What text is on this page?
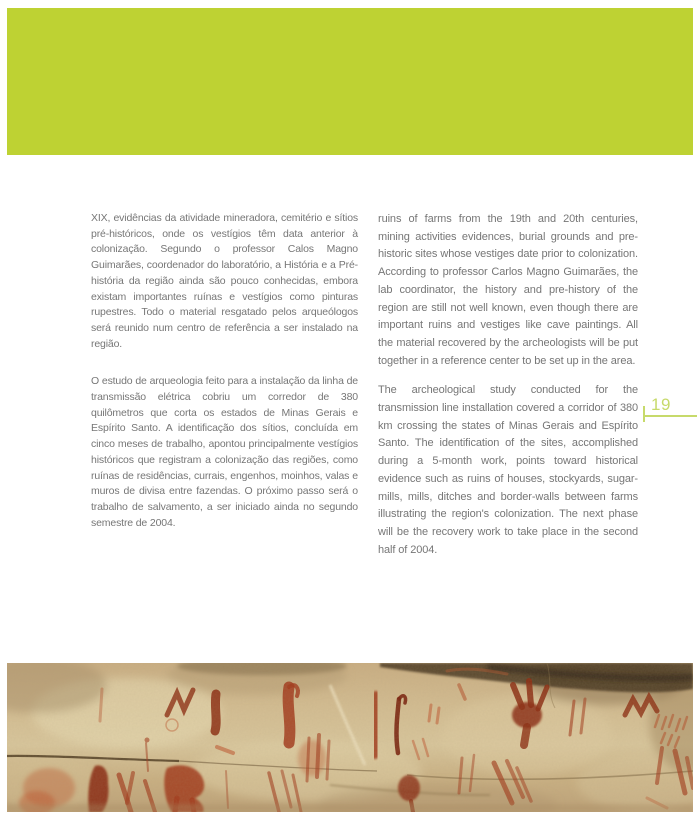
XIX, evidências da atividade mineradora, cemitério e sítios pré-históricos, onde os vestígios têm data anterior à colonização. Segundo o professor Calos Magno Guimarães, coordenador do laboratório, a História e a Pré-história da região ainda são pouco conhecidas, embora existam importantes ruínas e vestígios como pinturas rupestres. Todo o material resgatado pelos arqueólogos será reunido num centro de referência a ser instalado na região.

O estudo de arqueologia feito para a instalação da linha de transmissão elétrica cobriu um corredor de 380 quilômetros que corta os estados de Minas Gerais e Espírito Santo. A identificação dos sítios, concluída em cinco meses de trabalho, apontou principalmente vestígios históricos que registram a colonização das regiões, como ruínas de residências, currais, engenhos, moinhos, valas e muros de divisa entre fazendas. O próximo passo será o trabalho de salvamento, a ser iniciado ainda no segundo semestre de 2004.

ruins of farms from the 19th and 20th centuries, mining activities evidences, burial grounds and pre-historic sites whose vestiges date prior to colonization. According to professor Carlos Magno Guimarães, the lab coordinator, the history and pre-history of the region are still not well known, even though there are important ruins and vestiges like cave paintings. All the material recovered by the archeologists will be put together in a reference center to be set up in the area.

The archeological study conducted for the transmission line installation covered a corridor of 380 km crossing the states of Minas Gerais and Espírito Santo. The identification of the sites, accomplished during a 5-month work, points toward historical evidence such as ruins of houses, stockyards, sugar-mills, mills, ditches and border-walls between farms illustrating the region's colonization. The next phase will be the recovery work to take place in the second half of 2004.

19
